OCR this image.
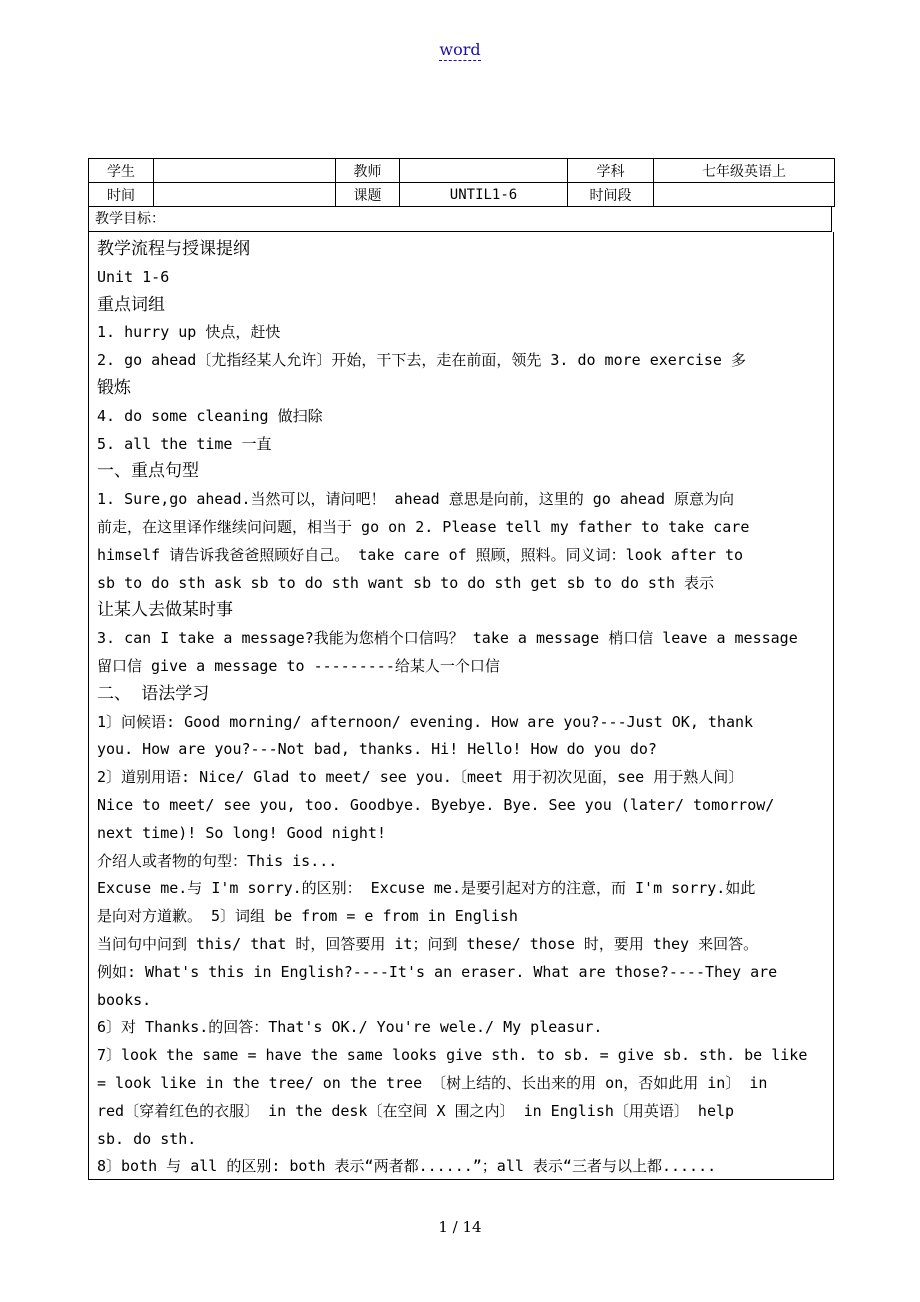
word
学生		教师		学科	七年级英语上
时间		课题	UNTIL1-6	时间段	
教学目标：
教学流程与授课提纲
Unit 1-6
重点词组
1. hurry up 快点，赶快
2. go ahead〔尤指经某人允许〕开始，干下去，走在前面，领先 3. do more exercise 多
锻炼
4. do some cleaning 做扫除
5. all the time 一直
一、重点句型
1. Sure,go ahead.当然可以，请问吧！ ahead 意思是向前，这里的 go ahead 原意为向
前走，在这里译作继续问问题，相当于 go on 2. Please tell my father to take care
himself 请告诉我爸爸照顾好自己。 take care of 照顾，照料。同义词：look after to
sb to do sth ask sb to do sth want sb to do sth get sb to do sth 表示
让某人去做某时事
3. can I take a message?我能为您梢个口信吗？ take a message 梢口信 leave a message
留口信 give a message to ---------给某人一个口信
二、 语法学习
1〕问候语: Good morning/ afternoon/ evening. How are you?---Just OK, thank
you. How are you?---Not bad, thanks. Hi! Hello! How do you do?
2〕道别用语: Nice/ Glad to meet/ see you.〔meet 用于初次见面，see 用于熟人间〕
Nice to meet/ see you, too. Goodbye. Byebye. Bye. See you (later/ tomorrow/
next time)! So long! Good night!
介绍人或者物的句型：This is...
Excuse me.与 I'm sorry.的区别： Excuse me.是要引起对方的注意，而 I'm sorry.如此
是向对方道歉。 5〕词组 be from = e from in English
当问句中问到 this/ that 时，回答要用 it；问到 these/ those 时，要用 they 来回答。
例如: What's this in English?----It's an eraser. What are those?----They are
books.
6〕对 Thanks.的回答：That's OK./ You're wele./ My pleasur.
7〕look the same = have the same looks give sth. to sb. = give sb. sth. be like
= look like in the tree/ on the tree 〔树上结的、长出来的用 on，否如此用 in〕 in
red〔穿着红色的衣服〕 in the desk〔在空间 X 围之内〕 in English〔用英语〕 help
sb. do sth.
8〕both 与 all 的区别: both 表示“两者都......”；all 表示“三者与以上都......
1 / 14
